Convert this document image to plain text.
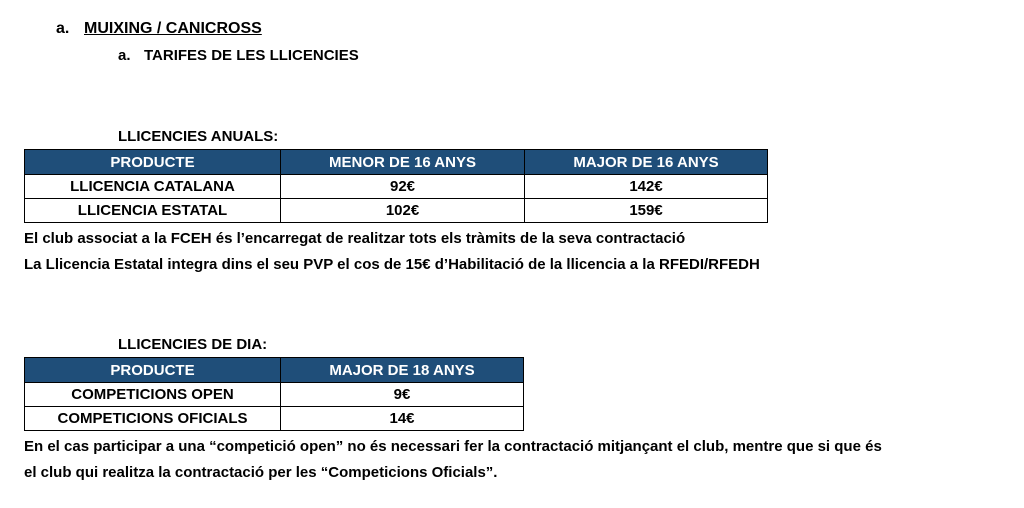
a. MUIXING / CANICROSS
a. TARIFES DE LES LLICENCIES
LLICENCIES ANUALS:
PRODUCTE	MENOR DE 16 ANYS	MAJOR DE 16 ANYS
LLICENCIA CATALANA	92€	142€
LLICENCIA ESTATAL	102€	159€
El club associat a la FCEH és l’encarregat de realitzar tots els tràmits de la seva contractació
La Llicencia Estatal integra dins el seu PVP el cos de 15€ d’Habilitació de la llicencia a la RFEDI/RFEDH
LLICENCIES DE DIA:
PRODUCTE	MAJOR DE 18 ANYS
COMPETICIONS OPEN	9€
COMPETICIONS OFICIALS	14€
En el cas participar a una “competició open” no és necessari fer la contractació mitjançant el club, mentre que si que és
el club qui realitza la contractació per les “Competicions Oficials”.
